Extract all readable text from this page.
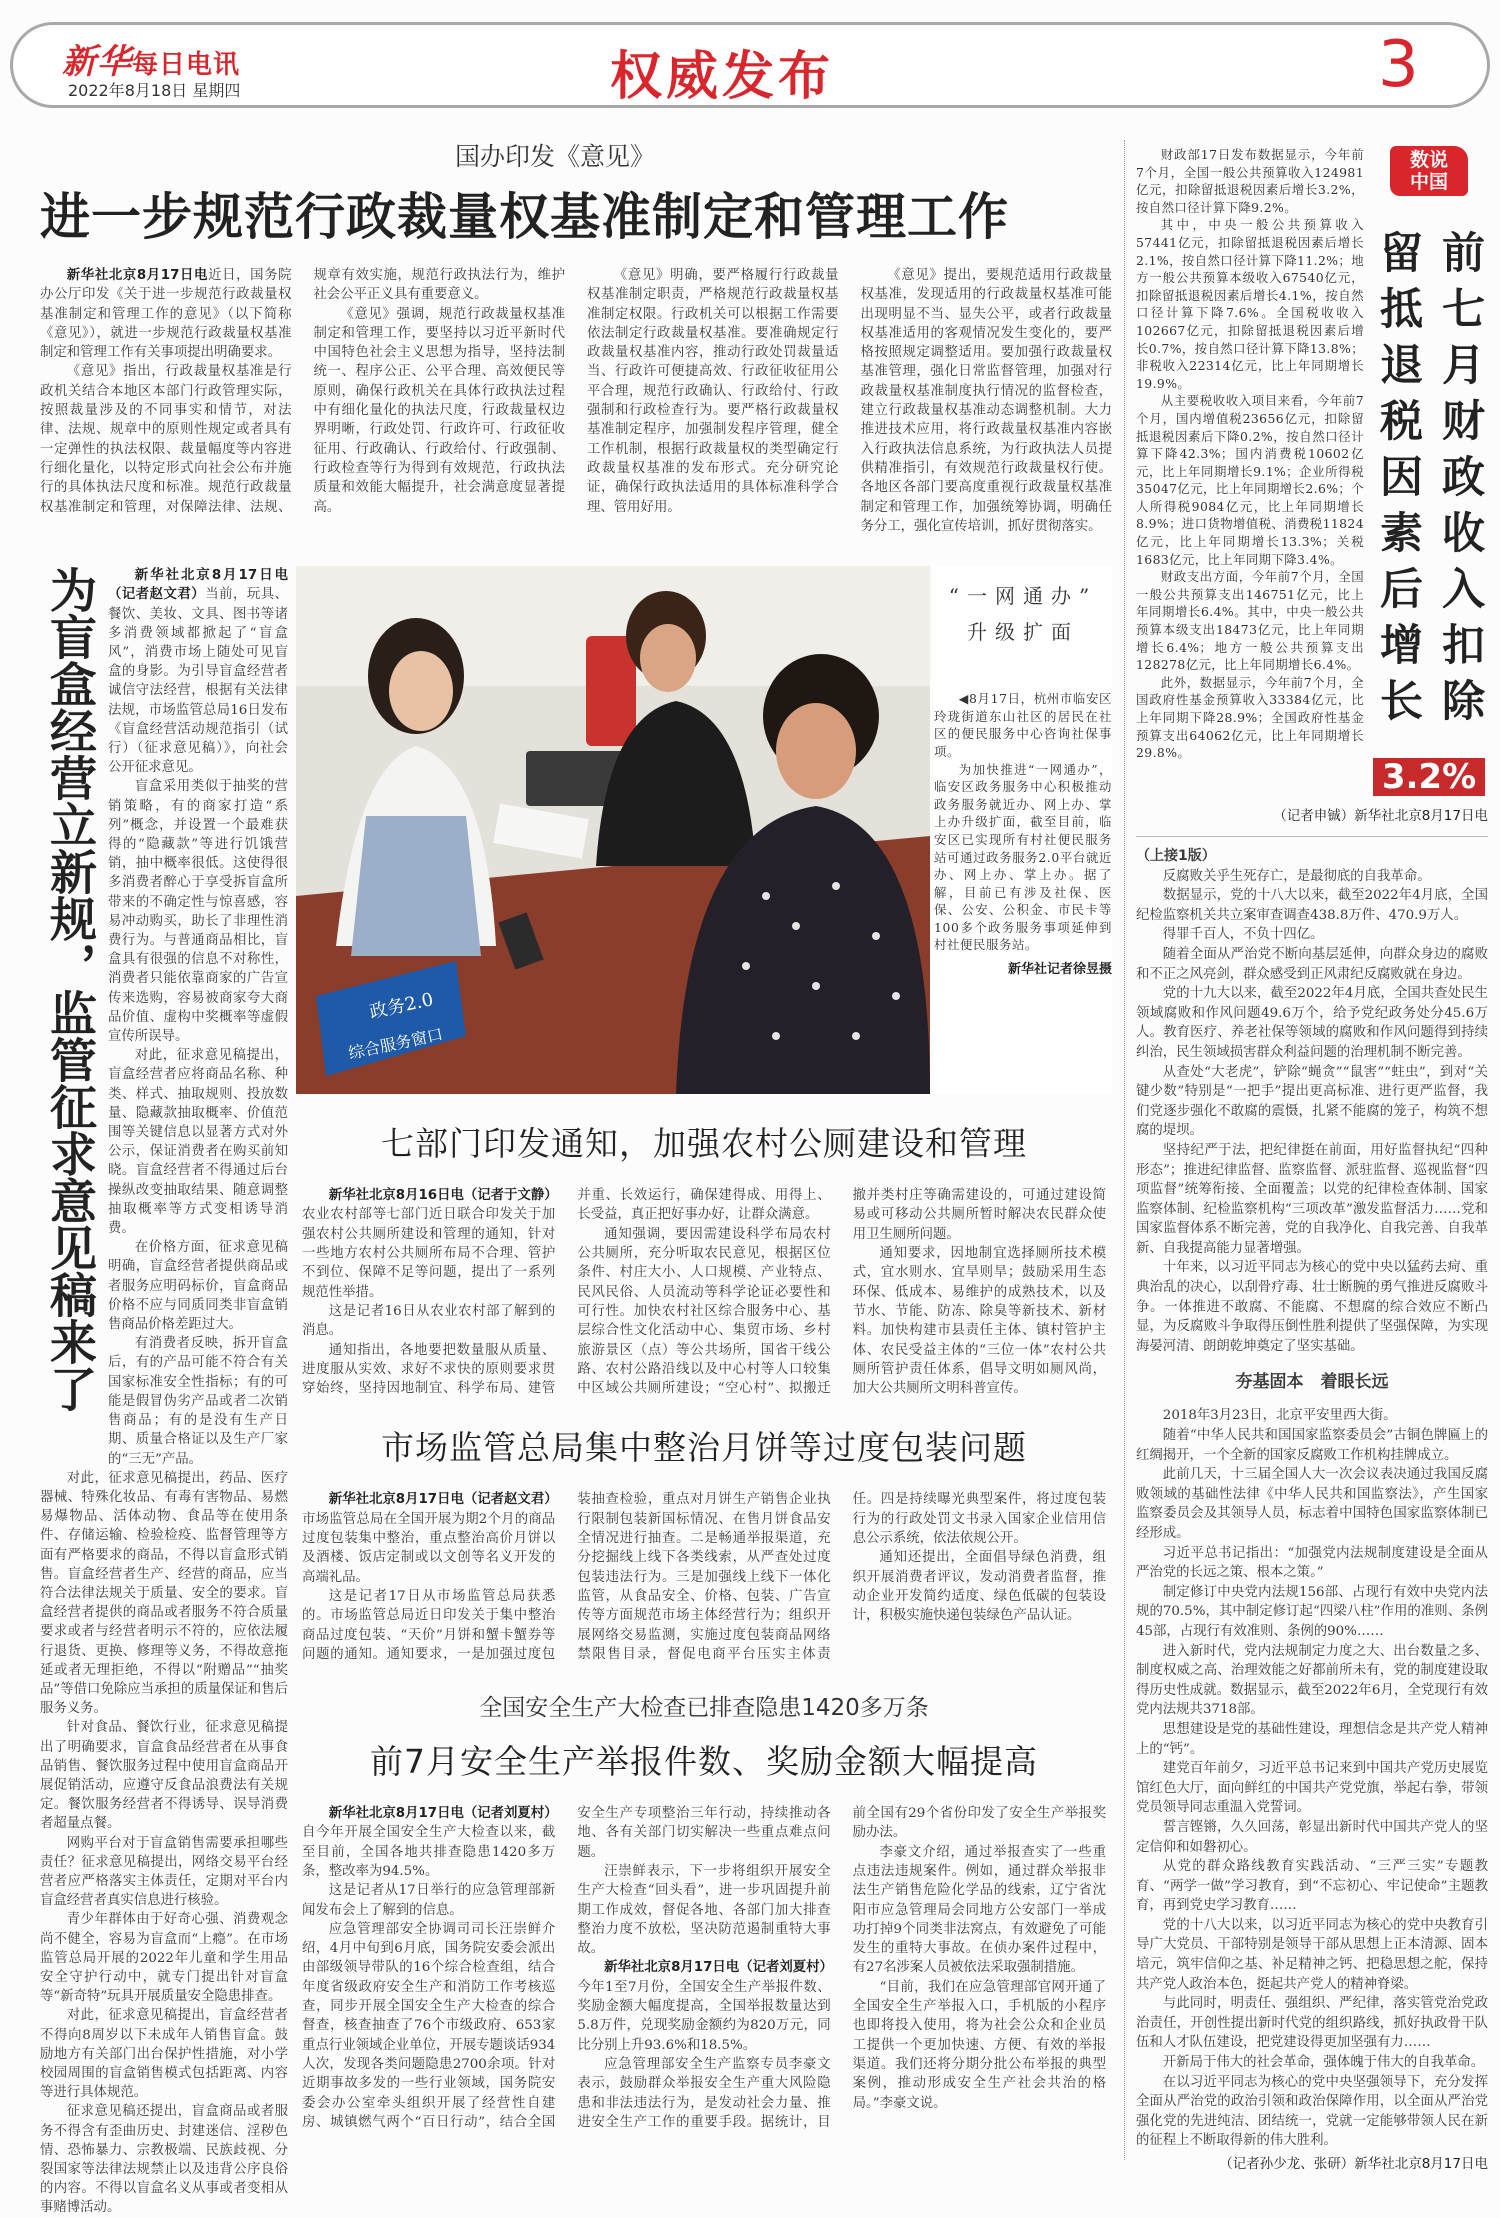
新华每日电讯
2022年8月18日 星期四	权威发布	3
国办印发《意见》
进一步规范行政裁量权基准制定和管理工作

新华社北京8月17日电近日，国务院办公厅印发《关于进一步规范行政裁量权基准制定和管理工作的意见》（以下简称《意见》），就进一步规范行政裁量权基准制定和管理工作有关事项提出明确要求。

《意见》指出，行政裁量权基准是行政机关结合本地区本部门行政管理实际，按照裁量涉及的不同事实和情节，对法律、法规、规章中的原则性规定或者具有一定弹性的执法权限、裁量幅度等内容进行细化量化，以特定形式向社会公布并施行的具体执法尺度和标准。规范行政裁量权基准制定和管理，对保障法律、法规、规章有效实施，规范行政执法行为，维护社会公平正义具有重要意义。

《意见》强调，规范行政裁量权基准制定和管理工作，要坚持以习近平新时代中国特色社会主义思想为指导，坚持法制统一、程序公正、公平合理、高效便民等原则，确保行政机关在具体行政执法过程中有细化量化的执法尺度，行政裁量权边界明晰，行政处罚、行政许可、行政征收征用、行政确认、行政给付、行政强制、行政检查等行为得到有效规范，行政执法质量和效能大幅提升，社会满意度显著提高。

《意见》明确，要严格履行行政裁量权基准制定职责，严格规范行政裁量权基准制定权限。行政机关可以根据工作需要依法制定行政裁量权基准。要准确规定行政裁量权基准内容，推动行政处罚裁量适当、行政许可便捷高效、行政征收征用公平合理，规范行政确认、行政给付、行政强制和行政检查行为。要严格行政裁量权基准制定程序，加强制发程序管理，健全工作机制，根据行政裁量权的类型确定行政裁量权基准的发布形式。充分研究论证，确保行政执法适用的具体标准科学合理、管用好用。

《意见》提出，要规范适用行政裁量权基准，发现适用的行政裁量权基准可能出现明显不当、显失公平，或者行政裁量权基准适用的客观情况发生变化的，要严格按照规定调整适用。要加强行政裁量权基准管理，强化日常监督管理，加强对行政裁量权基准制度执行情况的监督检查，建立行政裁量权基准动态调整机制。大力推进技术应用，将行政裁量权基准内容嵌入行政执法信息系统，为行政执法人员提供精准指引，有效规范行政裁量权行使。各地区各部门要高度重视行政裁量权基准制定和管理工作，加强统筹协调，明确任务分工，强化宣传培训，抓好贯彻落实。

为盲盒经营立新规，监管征求意见稿来了	新华社北京8月17日电（记者赵文君）当前，玩具、餐饮、美妆、文具、图书等诸多消费领域都掀起了“盲盒风”，消费市场上随处可见盲盒的身影。为引导盲盒经营者诚信守法经营，根据有关法律法规，市场监管总局16日发布《盲盒经营活动规范指引（试行）（征求意见稿）》，向社会公开征求意见。

盲盒采用类似于抽奖的营销策略，有的商家打造“系列”概念，并设置一个最难获得的“隐藏款”等进行饥饿营销，抽中概率很低。这使得很多消费者醉心于享受拆盲盒所带来的不确定性与惊喜感，容易冲动购买，助长了非理性消费行为。与普通商品相比，盲盒具有很强的信息不对称性，消费者只能依靠商家的广告宣传来选购，容易被商家夸大商品价值、虚构中奖概率等虚假宣传所误导。

对此，征求意见稿提出，盲盒经营者应将商品名称、种类、样式、抽取规则、投放数量、隐藏款抽取概率、价值范围等关键信息以显著方式对外公示，保证消费者在购买前知晓。盲盒经营者不得通过后台操纵改变抽取结果、随意调整抽取概率等方式变相诱导消费。

在价格方面，征求意见稿明确，盲盒经营者提供商品或者服务应明码标价，盲盒商品价格不应与同质同类非盲盒销售商品价格差距过大。

有消费者反映，拆开盲盒后，有的产品可能不符合有关国家标准安全性指标；有的可能是假冒伪劣产品或者二次销售商品；有的是没有生产日期、质量合格证以及生产厂家的“三无”产品。

对此，征求意见稿提出，药品、医疗器械、特殊化妆品、有毒有害物品、易燃易爆物品、活体动物、食品等在使用条件、存储运输、检验检疫、监督管理等方面有严格要求的商品，不得以盲盒形式销售。盲盒经营者生产、经营的商品，应当符合法律法规关于质量、安全的要求。盲盒经营者提供的商品或者服务不符合质量要求或者与经营者明示不符的，应依法履行退货、更换、修理等义务，不得故意拖延或者无理拒绝，不得以“附赠品”“抽奖品”等借口免除应当承担的质量保证和售后服务义务。

针对食品、餐饮行业，征求意见稿提出了明确要求，盲盒食品经营者在从事食品销售、餐饮服务过程中使用盲盒商品开展促销活动，应遵守反食品浪费法有关规定。餐饮服务经营者不得诱导、误导消费者超量点餐。

网购平台对于盲盒销售需要承担哪些责任？征求意见稿提出，网络交易平台经营者应严格落实主体责任，定期对平台内盲盒经营者真实信息进行核验。

青少年群体由于好奇心强、消费观念尚不健全，容易为盲盒而“上瘾”。在市场监管总局开展的2022年儿童和学生用品安全守护行动中，就专门提出针对盲盒等“新奇特”玩具开展质量安全隐患排查。

对此，征求意见稿提出，盲盒经营者不得向8周岁以下未成年人销售盲盒。鼓励地方有关部门出台保护性措施，对小学校园周围的盲盒销售模式包括距离、内容等进行具体规范。

征求意见稿还提出，盲盒商品或者服务不得含有歪曲历史、封建迷信、淫秽色情、恐怖暴力、宗教极端、民族歧视、分裂国家等法律法规禁止以及违背公序良俗的内容。不得以盲盒名义从事或者变相从事赌博活动。

政务2.0
综合服务窗口
“一网通办”
升级扩面

◀8月17日，杭州市临安区玲珑街道东山社区的居民在社区的便民服务中心咨询社保事项。

为加快推进“一网通办”，临安区政务服务中心积极推动政务服务就近办、网上办、掌上办升级扩面，截至目前，临安区已实现所有村社便民服务站可通过政务服务2.0平台就近办、网上办、掌上办。据了解，目前已有涉及社保、医保、公安、公积金、市民卡等100多个政务服务事项延伸到村社便民服务站。

新华社记者徐昱摄
七部门印发通知，加强农村公厕建设和管理

新华社北京8月16日电（记者于文静）农业农村部等七部门近日联合印发关于加强农村公共厕所建设和管理的通知，针对一些地方农村公共厕所布局不合理、管护不到位、保障不足等问题，提出了一系列规范性举措。

这是记者16日从农业农村部了解到的消息。

通知指出，各地要把数量服从质量、进度服从实效、求好不求快的原则要求贯穿始终，坚持因地制宜、科学布局、建管并重、长效运行，确保建得成、用得上、长受益，真正把好事办好，让群众满意。

通知强调，要因需建设科学布局农村公共厕所，充分听取农民意见，根据区位条件、村庄大小、人口规模、产业特点、民风民俗、人员流动等科学论证必要性和可行性。加快农村社区综合服务中心、基层综合性文化活动中心、集贸市场、乡村旅游景区（点）等公共场所，国省干线公路、农村公路沿线以及中心村等人口较集中区域公共厕所建设；“空心村”、拟搬迁撤并类村庄等确需建设的，可通过建设简易或可移动公共厕所暂时解决农民群众使用卫生厕所问题。

通知要求，因地制宜选择厕所技术模式，宜水则水、宜旱则旱；鼓励采用生态环保、低成本、易维护的成熟技术，以及节水、节能、防冻、除臭等新技术、新材料。加快构建市县责任主体、镇村管护主体、农民受益主体的“三位一体”农村公共厕所管护责任体系，倡导文明如厕风尚，加大公共厕所文明科普宣传。

市场监管总局集中整治月饼等过度包装问题

新华社北京8月17日电（记者赵文君）市场监管总局在全国开展为期2个月的商品过度包装集中整治，重点整治高价月饼以及酒楼、饭店定制或以文创等名义开发的高端礼品。

这是记者17日从市场监管总局获悉的。市场监管总局近日印发关于集中整治商品过度包装、“天价”月饼和蟹卡蟹券等问题的通知。通知要求，一是加强过度包装抽查检验，重点对月饼生产销售企业执行限制包装新国标情况、在售月饼食品安全情况进行抽查。二是畅通举报渠道，充分挖掘线上线下各类线索，从严查处过度包装违法行为。三是加强线上线下一体化监管，从食品安全、价格、包装、广告宣传等方面规范市场主体经营行为；组织开展网络交易监测，实施过度包装商品网络禁限售目录，督促电商平台压实主体责任。四是持续曝光典型案件，将过度包装行为的行政处罚文书录入国家企业信用信息公示系统，依法依规公开。

通知还提出，全面倡导绿色消费，组织开展消费者评议，发动消费者监督，推动企业开发简约适度、绿色低碳的包装设计，积极实施快递包装绿色产品认证。

全国安全生产大检查已排查隐患1420多万条
前7月安全生产举报件数、奖励金额大幅提高

新华社北京8月17日电（记者刘夏村）自今年开展全国安全生产大检查以来，截至目前，全国各地共排查隐患1420多万条，整改率为94.5%。

这是记者从17日举行的应急管理部新闻发布会上了解到的信息。

应急管理部安全协调司司长汪崇鲜介绍，4月中旬到6月底，国务院安委会派出由部级领导带队的16个综合检查组，结合年度省级政府安全生产和消防工作考核巡查，同步开展全国安全生产大检查的综合督查，核查抽查了76个市级政府、653家重点行业领域企业单位，开展专题谈话934人次，发现各类问题隐患2700余项。针对近期事故多发的一些行业领域，国务院安委会办公室牵头组织开展了经营性自建房、城镇燃气两个“百日行动”，结合全国安全生产专项整治三年行动，持续推动各地、各有关部门切实解决一些重点难点问题。

汪崇鲜表示，下一步将组织开展安全生产大检查“回头看”，进一步巩固提升前期工作成效，督促各地、各部门加大排查整治力度不放松，坚决防范遏制重特大事故。

新华社北京8月17日电（记者刘夏村）今年1至7月份，全国安全生产举报件数、奖励金额大幅度提高，全国举报数量达到5.8万件，兑现奖励金额约为820万元，同比分别上升93.6%和18.5%。

应急管理部安全生产监察专员李豪文表示，鼓励群众举报安全生产重大风险隐患和非法违法行为，是发动社会力量、推进安全生产工作的重要手段。据统计，目前全国有29个省份印发了安全生产举报奖励办法。

李豪文介绍，通过举报查实了一些重点违法违规案件。例如，通过群众举报非法生产销售危险化学品的线索，辽宁省沈阳市应急管理局会同地方公安部门一举成功打掉9个同类非法窝点，有效避免了可能发生的重特大事故。在侦办案件过程中，有27名涉案人员被依法采取强制措施。

“目前，我们在应急管理部官网开通了全国安全生产举报入口，手机版的小程序也即将投入使用，将为社会公众和企业员工提供一个更加快速、方便、有效的举报渠道。我们还将分期分批公布举报的典型案例，推动形成安全生产社会共治的格局。”李豪文说。

财政部17日发布数据显示，今年前7个月，全国一般公共预算收入124981亿元，扣除留抵退税因素后增长3.2%，按自然口径计算下降9.2%。

其中，中央一般公共预算收入57441亿元，扣除留抵退税因素后增长2.1%，按自然口径计算下降11.2%；地方一般公共预算本级收入67540亿元，扣除留抵退税因素后增长4.1%，按自然口径计算下降7.6%。全国税收收入102667亿元，扣除留抵退税因素后增长0.7%，按自然口径计算下降13.8%；非税收入22314亿元，比上年同期增长19.9%。

从主要税收收入项目来看，今年前7个月，国内增值税23656亿元，扣除留抵退税因素后下降0.2%，按自然口径计算下降42.3%；国内消费税10602亿元，比上年同期增长9.1%；企业所得税35047亿元，比上年同期增长2.6%；个人所得税9084亿元，比上年同期增长8.9%；进口货物增值税、消费税11824亿元，比上年同期增长13.3%；关税1683亿元，比上年同期下降3.4%。

财政支出方面，今年前7个月，全国一般公共预算支出146751亿元，比上年同期增长6.4%。其中，中央一般公共预算本级支出18473亿元，比上年同期增长6.4%；地方一般公共预算支出128278亿元，比上年同期增长6.4%。

此外，数据显示，今年前7个月，全国政府性基金预算收入33384亿元，比上年同期下降28.9%；全国政府性基金预算支出64062亿元，比上年同期增长29.8%。

数说
中国
前七月财政收入扣除
留抵退税因素后增长
3.2%
（记者申铖）新华社北京8月17日电
（上接1版）

反腐败关乎生死存亡，是最彻底的自我革命。

数据显示，党的十八大以来，截至2022年4月底，全国纪检监察机关共立案审查调查438.8万件、470.9万人。

得罪千百人，不负十四亿。

随着全面从严治党不断向基层延伸，向群众身边的腐败和不正之风亮剑，群众感受到正风肃纪反腐败就在身边。

党的十九大以来，截至2022年4月底，全国共查处民生领域腐败和作风问题49.6万个，给予党纪政务处分45.6万人。教育医疗、养老社保等领域的腐败和作风问题得到持续纠治，民生领域损害群众利益问题的治理机制不断完善。

从查处“大老虎”，铲除“蝇贪”“鼠害”“蛀虫”，到对“关键少数”特别是“一把手”提出更高标准、进行更严监督，我们党逐步强化不敢腐的震慑，扎紧不能腐的笼子，构筑不想腐的堤坝。

坚持纪严于法，把纪律挺在前面，用好监督执纪“四种形态”；推进纪律监督、监察监督、派驻监督、巡视监督“四项监督”统筹衔接、全面覆盖；以党的纪律检查体制、国家监察体制、纪检监察机构“三项改革”激发监督活力……党和国家监督体系不断完善，党的自我净化、自我完善、自我革新、自我提高能力显著增强。

十年来，以习近平同志为核心的党中央以猛药去疴、重典治乱的决心，以刮骨疗毒、壮士断腕的勇气推进反腐败斗争。一体推进不敢腐、不能腐、不想腐的综合效应不断凸显，为反腐败斗争取得压倒性胜利提供了坚强保障，为实现海晏河清、朗朗乾坤奠定了坚实基础。

夯基固本　着眼长远

2018年3月23日，北京平安里西大街。

随着“中华人民共和国国家监察委员会”古铜色牌匾上的红绸揭开，一个全新的国家反腐败工作机构挂牌成立。

此前几天，十三届全国人大一次会议表决通过我国反腐败领域的基础性法律《中华人民共和国监察法》，产生国家监察委员会及其领导人员，标志着中国特色国家监察体制已经形成。

习近平总书记指出：“加强党内法规制度建设是全面从严治党的长远之策、根本之策。”

制定修订中央党内法规156部、占现行有效中央党内法规的70.5%，其中制定修订起“四梁八柱”作用的准则、条例45部，占现行有效准则、条例的90%……

进入新时代，党内法规制定力度之大、出台数量之多、制度权威之高、治理效能之好都前所未有，党的制度建设取得历史性成就。数据显示，截至2022年6月，全党现行有效党内法规共3718部。

思想建设是党的基础性建设，理想信念是共产党人精神上的“钙”。

建党百年前夕，习近平总书记来到中国共产党历史展览馆红色大厅，面向鲜红的中国共产党党旗，举起右拳，带领党员领导同志重温入党誓词。

誓言铿锵，久久回荡，彰显出新时代中国共产党人的坚定信仰和如磐初心。

从党的群众路线教育实践活动、“三严三实”专题教育、“两学一做”学习教育，到“不忘初心、牢记使命”主题教育，再到党史学习教育……

党的十八大以来，以习近平同志为核心的党中央教育引导广大党员、干部特别是领导干部从思想上正本清源、固本培元，筑牢信仰之基、补足精神之钙、把稳思想之舵，保持共产党人政治本色，挺起共产党人的精神脊梁。

与此同时，明责任、强组织、严纪律，落实管党治党政治责任，开创性提出新时代党的组织路线，抓好执政骨干队伍和人才队伍建设，把党建设得更加坚强有力……

开新局于伟大的社会革命，强体魄于伟大的自我革命。

在以习近平同志为核心的党中央坚强领导下，充分发挥全面从严治党的政治引领和政治保障作用，以全面从严治党强化党的先进纯洁、团结统一，党就一定能够带领人民在新的征程上不断取得新的伟大胜利。

（记者孙少龙、张研）新华社北京8月17日电
